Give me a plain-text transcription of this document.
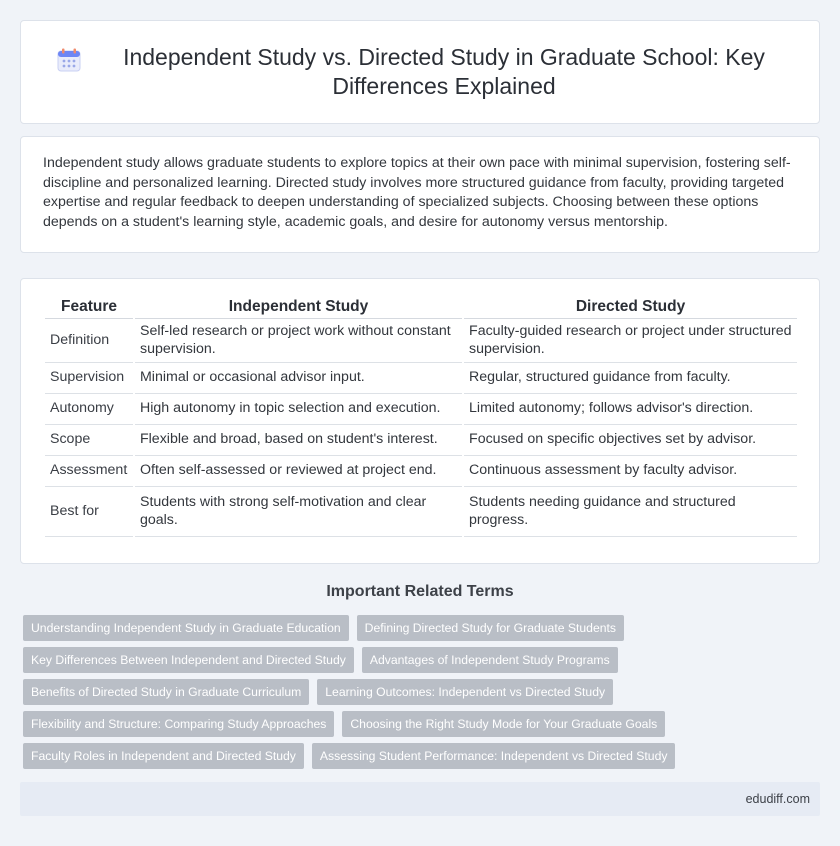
Independent Study vs. Directed Study in Graduate School: Key Differences Explained

Independent study allows graduate students to explore topics at their own pace with minimal supervision, fostering self-discipline and personalized learning. Directed study involves more structured guidance from faculty, providing targeted expertise and regular feedback to deepen understanding of specialized subjects. Choosing between these options depends on a student's learning style, academic goals, and desire for autonomy versus mentorship.

Feature	Independent Study	Directed Study
Definition	Self-led research or project work without constant supervision.	Faculty-guided research or project under structured supervision.
Supervision	Minimal or occasional advisor input.	Regular, structured guidance from faculty.
Autonomy	High autonomy in topic selection and execution.	Limited autonomy; follows advisor's direction.
Scope	Flexible and broad, based on student's interest.	Focused on specific objectives set by advisor.
Assessment	Often self-assessed or reviewed at project end.	Continuous assessment by faculty advisor.
Best for	Students with strong self-motivation and clear goals.	Students needing guidance and structured progress.
Important Related Terms
Understanding Independent Study in Graduate Education	Defining Directed Study for Graduate Students
Key Differences Between Independent and Directed Study	Advantages of Independent Study Programs
Benefits of Directed Study in Graduate Curriculum	Learning Outcomes: Independent vs Directed Study
Flexibility and Structure: Comparing Study Approaches	Choosing the Right Study Mode for Your Graduate Goals
Faculty Roles in Independent and Directed Study	Assessing Student Performance: Independent vs Directed Study
edudiff.com
